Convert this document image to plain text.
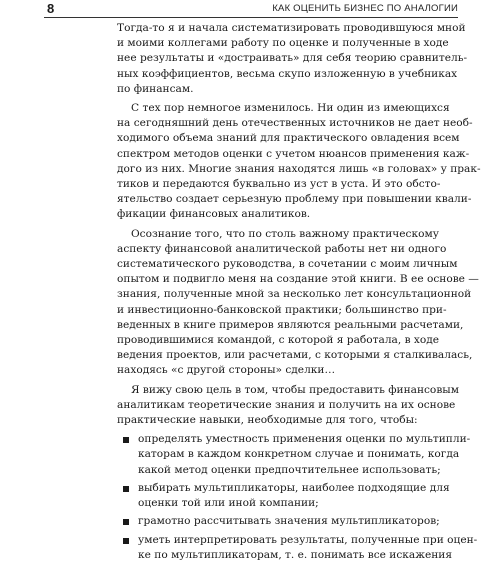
8	КАК ОЦЕНИТЬ БИЗНЕС ПО АНАЛОГИИ

Тогда-то я и начала систематизировать проводившуюся мной
и моими коллегами работу по оценке и полученные в ходе
нее результаты и «достраивать» для себя теорию сравнитель-
ных коэффициентов, весьма скупо изложенную в учебниках
по финансам.

С тех пор немногое изменилось. Ни один из имеющихся
на сегодняшний день отечественных источников не дает необ-
ходимого объема знаний для практического овладения всем
спектром методов оценки с учетом нюансов применения каж-
дого из них. Многие знания находятся лишь «в головах» у прак-
тиков и передаются буквально из уст в уста. И это обсто-
ятельство создает серьезную проблему при повышении квали-
фикации финансовых аналитиков.

Осознание того, что по столь важному практическому
аспекту финансовой аналитической работы нет ни одного
систематического руководства, в сочетании с моим личным
опытом и подвигло меня на создание этой книги. В ее основе —
знания, полученные мной за несколько лет консультационной
и инвестиционно-банковской практики; большинство при-
веденных в книге примеров являются реальными расчетами,
проводившимися командой, с которой я работала, в ходе
ведения проектов, или расчетами, с которыми я сталкивалась,
находясь «с другой стороны» сделки…

Я вижу свою цель в том, чтобы предоставить финансовым
аналитикам теоретические знания и получить на их основе
практические навыки, необходимые для того, чтобы:

определять уместность применения оценки по мультипли-
каторам в каждом конкретном случае и понимать, когда
какой метод оценки предпочтительнее использовать;
выбирать мультипликаторы, наиболее подходящие для
оценки той или иной компании;
грамотно рассчитывать значения мультипликаторов;
уметь интерпретировать результаты, полученные при оцен-
ке по мультипликаторам, т. е. понимать все искажения
